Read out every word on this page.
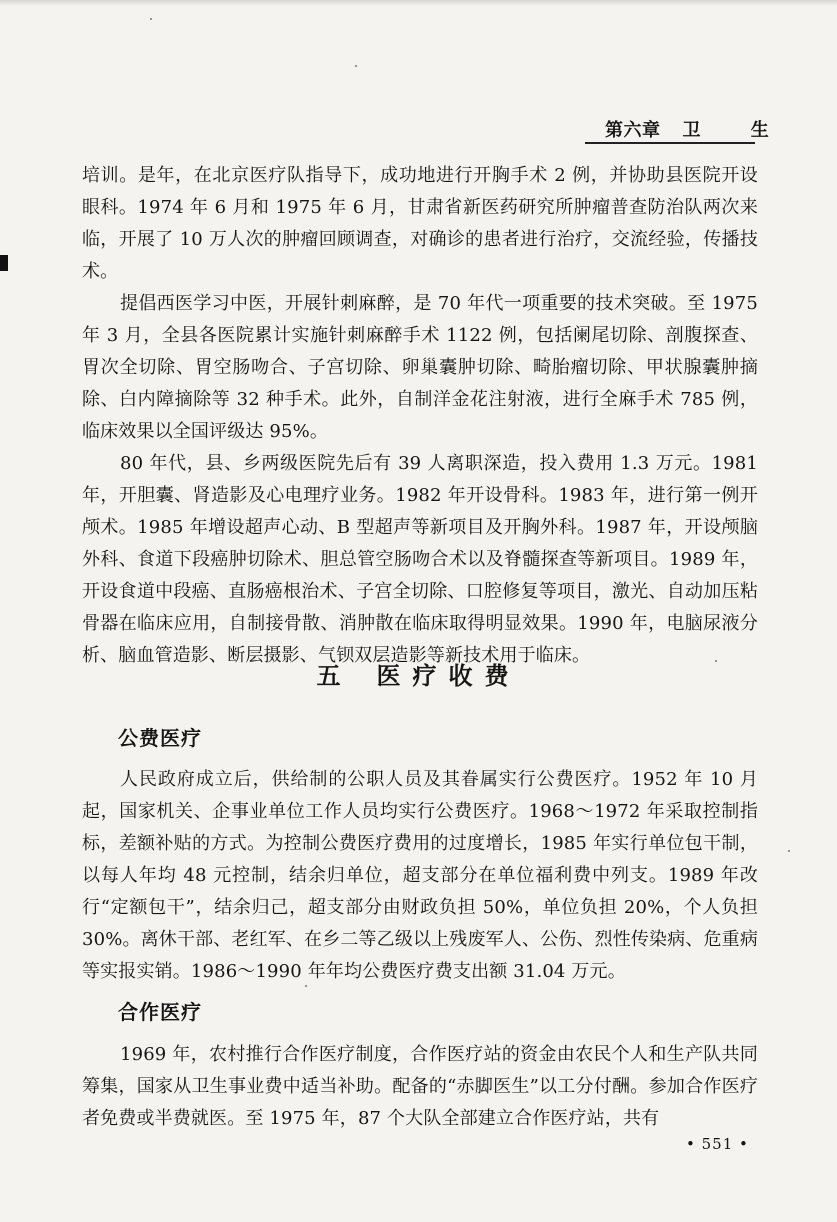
第六章 卫 生

培训。是年，在北京医疗队指导下，成功地进行开胸手术 2 例，并协助县医院开设眼科。1974 年 6 月和 1975 年 6 月，甘肃省新医药研究所肿瘤普查防治队两次来临，开展了 10 万人次的肿瘤回顾调查，对确诊的患者进行治疗，交流经验，传播技术。

提倡西医学习中医，开展针刺麻醉，是 70 年代一项重要的技术突破。至 1975 年 3 月，全县各医院累计实施针刺麻醉手术 1122 例，包括阑尾切除、剖腹探查、胃次全切除、胃空肠吻合、子宫切除、卵巢囊肿切除、畸胎瘤切除、甲状腺囊肿摘除、白内障摘除等 32 种手术。此外，自制洋金花注射液，进行全麻手术 785 例，临床效果以全国评级达 95%。

80 年代，县、乡两级医院先后有 39 人离职深造，投入费用 1.3 万元。1981 年，开胆囊、肾造影及心电理疗业务。1982 年开设骨科。1983 年，进行第一例开颅术。1985 年增设超声心动、B 型超声等新项目及开胸外科。1987 年，开设颅脑外科、食道下段癌肿切除术、胆总管空肠吻合术以及脊髓探查等新项目。1989 年，开设食道中段癌、直肠癌根治术、子宫全切除、口腔修复等项目，激光、自动加压粘骨器在临床应用，自制接骨散、消肿散在临床取得明显效果。1990 年，电脑尿液分析、脑血管造影、断层摄影、气钡双层造影等新技术用于临床。

五 医疗收费
公费医疗

人民政府成立后，供给制的公职人员及其眷属实行公费医疗。1952 年 10 月起，国家机关、企事业单位工作人员均实行公费医疗。1968～1972 年采取控制指标，差额补贴的方式。为控制公费医疗费用的过度增长，1985 年实行单位包干制，以每人年均 48 元控制，结余归单位，超支部分在单位福利费中列支。1989 年改行“定额包干”，结余归己，超支部分由财政负担 50%，单位负担 20%，个人负担 30%。离休干部、老红军、在乡二等乙级以上残废军人、公伤、烈性传染病、危重病等实报实销。1986～1990 年年均公费医疗费支出额 31.04 万元。

合作医疗

1969 年，农村推行合作医疗制度，合作医疗站的资金由农民个人和生产队共同筹集，国家从卫生事业费中适当补助。配备的“赤脚医生”以工分付酬。参加合作医疗者免费或半费就医。至 1975 年，87 个大队全部建立合作医疗站，共有

• 551 •
